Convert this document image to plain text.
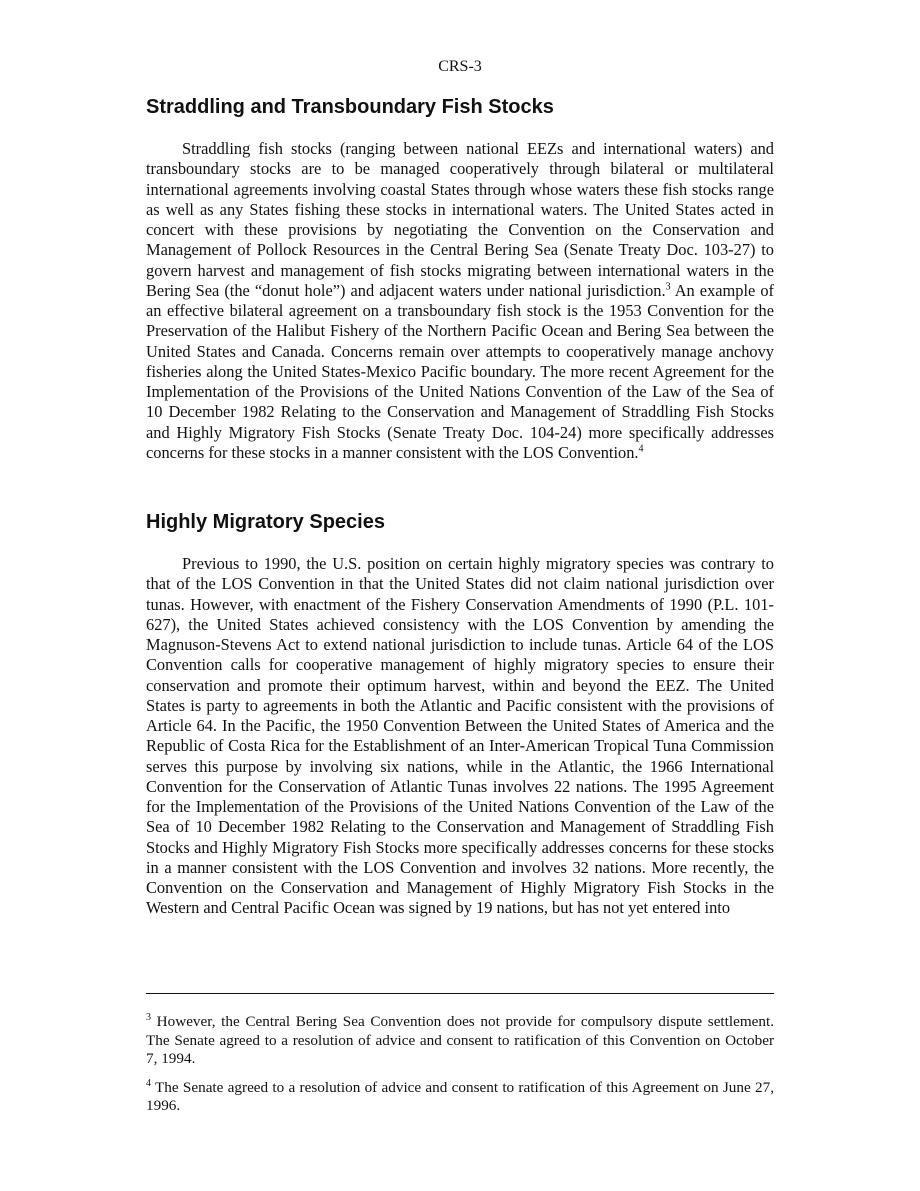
CRS-3
Straddling and Transboundary Fish Stocks

Straddling fish stocks (ranging between national EEZs and international waters) and transboundary stocks are to be managed cooperatively through bilateral or multilateral international agreements involving coastal States through whose waters these fish stocks range as well as any States fishing these stocks in international waters. The United States acted in concert with these provisions by negotiating the Convention on the Conservation and Management of Pollock Resources in the Central Bering Sea (Senate Treaty Doc. 103-27) to govern harvest and management of fish stocks migrating between international waters in the Bering Sea (the “donut hole”) and adjacent waters under national jurisdiction.$^3$ An example of an effective bilateral agreement on a transboundary fish stock is the 1953 Convention for the Preservation of the Halibut Fishery of the Northern Pacific Ocean and Bering Sea between the United States and Canada. Concerns remain over attempts to cooperatively manage anchovy fisheries along the United States-Mexico Pacific boundary. The more recent Agreement for the Implementation of the Provisions of the United Nations Convention of the Law of the Sea of 10 December 1982 Relating to the Conservation and Management of Straddling Fish Stocks and Highly Migratory Fish Stocks (Senate Treaty Doc. 104-24) more specifically addresses concerns for these stocks in a manner consistent with the LOS Convention.$^4$

Highly Migratory Species

Previous to 1990, the U.S. position on certain highly migratory species was contrary to that of the LOS Convention in that the United States did not claim national jurisdiction over tunas. However, with enactment of the Fishery Conservation Amendments of 1990 (P.L. 101-627), the United States achieved consistency with the LOS Convention by amending the Magnuson-Stevens Act to extend national jurisdiction to include tunas. Article 64 of the LOS Convention calls for cooperative management of highly migratory species to ensure their conservation and promote their optimum harvest, within and beyond the EEZ. The United States is party to agreements in both the Atlantic and Pacific consistent with the provisions of Article 64. In the Pacific, the 1950 Convention Between the United States of America and the Republic of Costa Rica for the Establishment of an Inter-American Tropical Tuna Commission serves this purpose by involving six nations, while in the Atlantic, the 1966 International Convention for the Conservation of Atlantic Tunas involves 22 nations. The 1995 Agreement for the Implementation of the Provisions of the United Nations Convention of the Law of the Sea of 10 December 1982 Relating to the Conservation and Management of Straddling Fish Stocks and Highly Migratory Fish Stocks more specifically addresses concerns for these stocks in a manner consistent with the LOS Convention and involves 32 nations. More recently, the Convention on the Conservation and Management of Highly Migratory Fish Stocks in the Western and Central Pacific Ocean was signed by 19 nations, but has not yet entered into

$^3$ However, the Central Bering Sea Convention does not provide for compulsory dispute settlement. The Senate agreed to a resolution of advice and consent to ratification of this Convention on October 7, 1994.

$^4$ The Senate agreed to a resolution of advice and consent to ratification of this Agreement on June 27, 1996.
